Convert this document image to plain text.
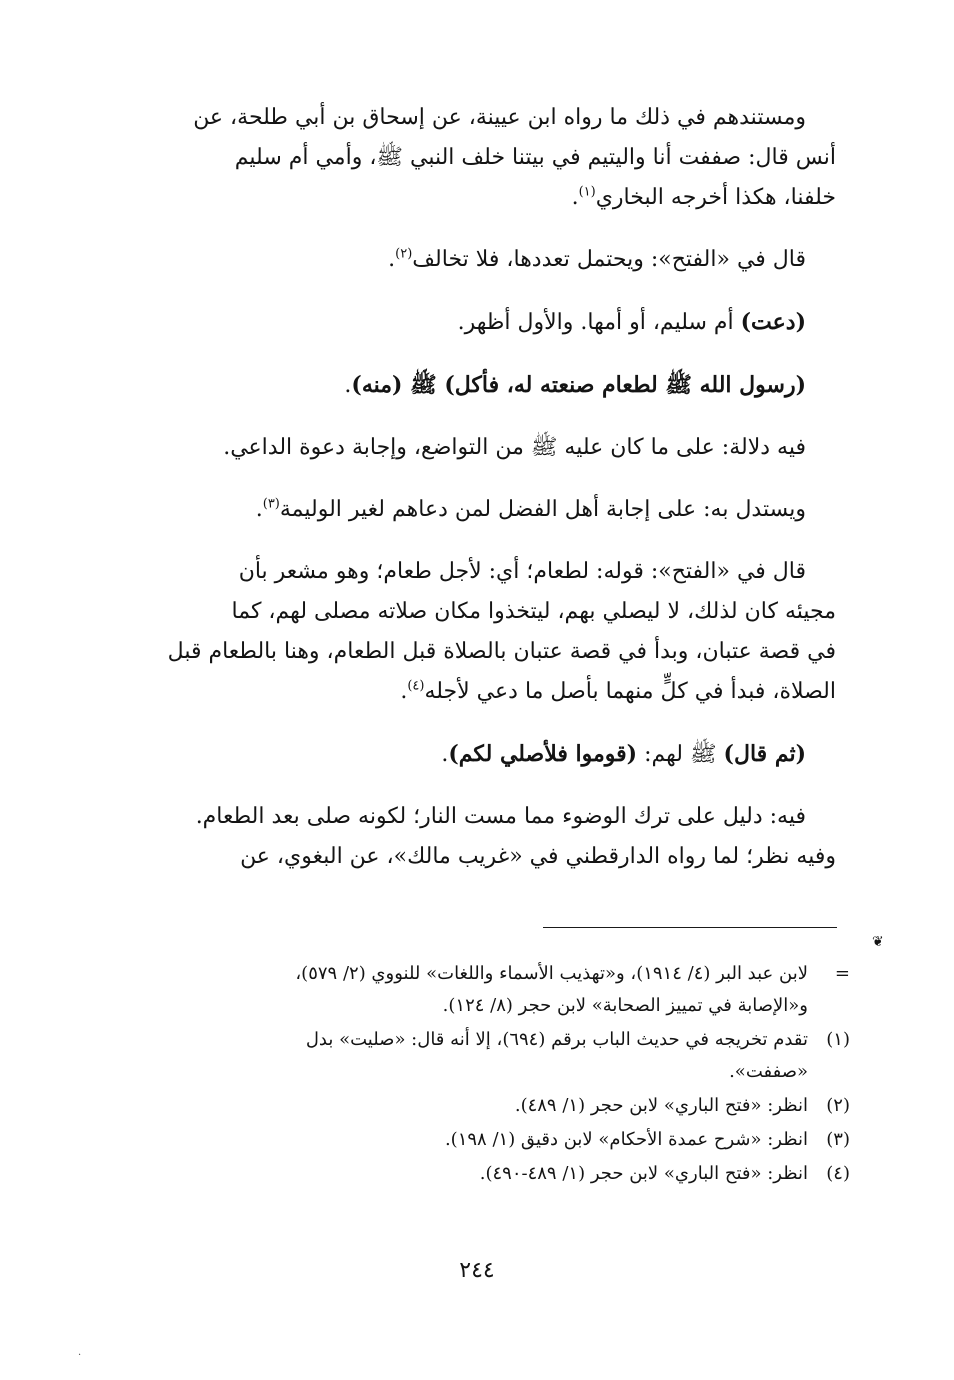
ومستندهم في ذلك ما رواه ابن عيينة، عن إسحاق بن أبي طلحة، عن
أنس قال: صففت أنا واليتيم في بيتنا خلف النبي ﷺ، وأمي أم سليم
خلفنا، هكذا أخرجه البخاري$^{(١)}$.

قال في «الفتح»: ويحتمل تعددها، فلا تخالف$^{(٢)}$.

(دعت) أم سليم، أو أمها. والأول أظهر.

(رسول الله ﷺ لطعام صنعته له، فأكل) ﷺ (منه).

فيه دلالة: على ما كان عليه ﷺ من التواضع، وإجابة دعوة الداعي.

ويستدل به: على إجابة أهل الفضل لمن دعاهم لغير الوليمة$^{(٣)}$.

قال في «الفتح»: قوله: لطعام؛ أي: لأجل طعام؛ وهو مشعر بأن
مجيئه كان لذلك، لا ليصلي بهم، ليتخذوا مكان صلاته مصلى لهم، كما
في قصة عتبان، وبدأ في قصة عتبان بالصلاة قبل الطعام، وهنا بالطعام قبل
الصلاة، فبدأ في كلٍّ منهما بأصل ما دعي لأجله$^{(٤)}$.

(ثم قال) ﷺ لهم: (قوموا فلأصلي لكم).

فيه: دليل على ترك الوضوء مما مست النار؛ لكونه صلى بعد الطعام.
وفيه نظر؛ لما رواه الدارقطني في «غريب مالك»، عن البغوي، عن

❦
=
لابن عبد البر (٤/ ١٩١٤)، و«تهذيب الأسماء واللغات» للنووي (٢/ ٥٧٩)،
و«الإصابة في تمييز الصحابة» لابن حجر (٨/ ١٢٤).
(١)
تقدم تخريجه في حديث الباب برقم (٦٩٤)، إلا أنه قال: «صليت» بدل
«صففت».
(٢)
انظر: «فتح الباري» لابن حجر (١/ ٤٨٩).
(٣)
انظر: «شرح عمدة الأحكام» لابن دقيق (١/ ١٩٨).
(٤)
انظر: «فتح الباري» لابن حجر (١/ ٤٨٩-٤٩٠).
٢٤٤
·
